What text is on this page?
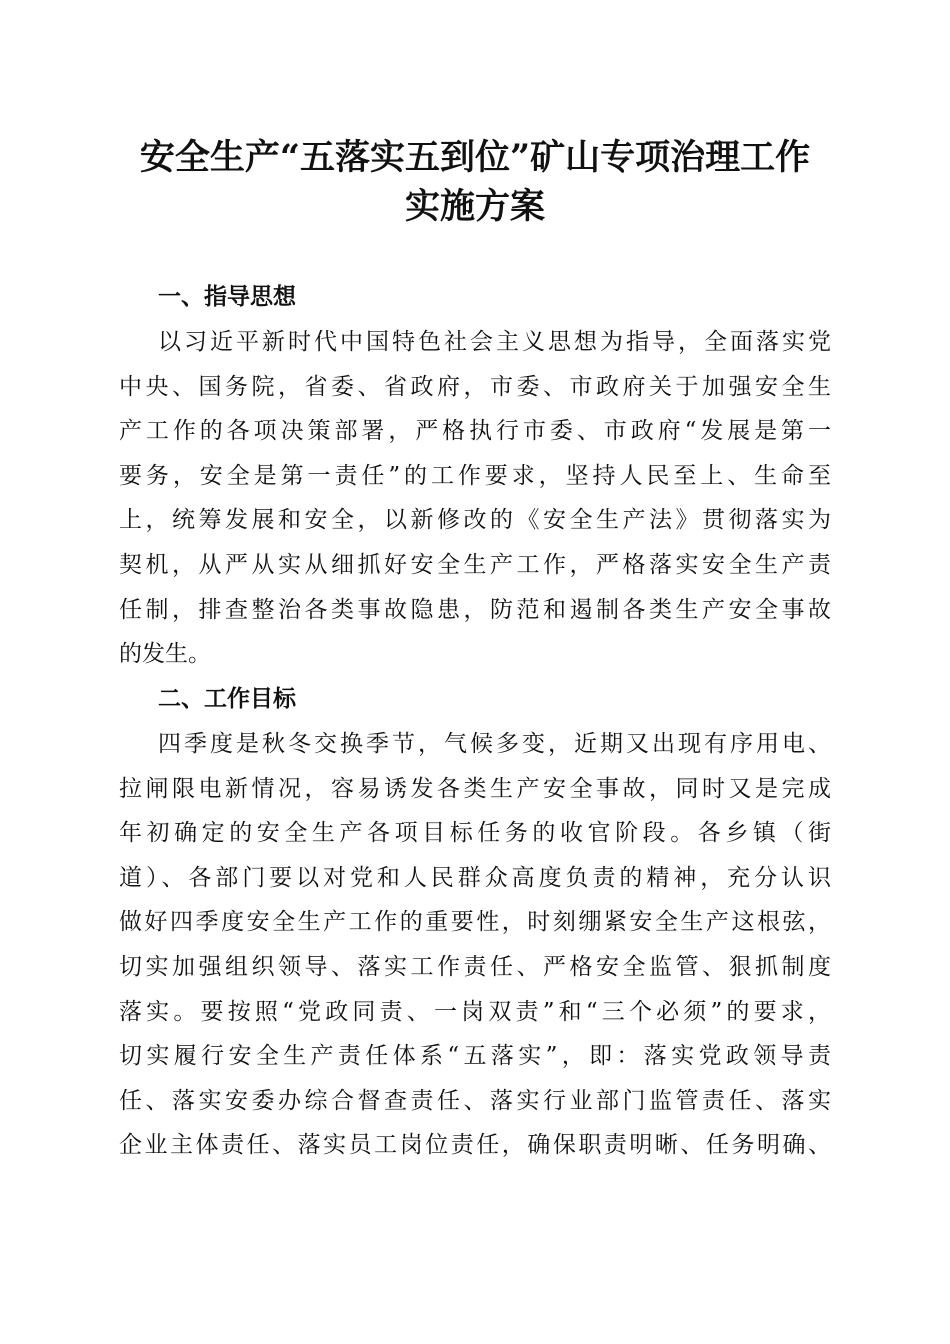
安全生产“五落实五到位”矿山专项治理工作
实施方案
一、指导思想
以习近平新时代中国特色社会主义思想为指导，全面落实党
中央、国务院，省委、省政府，市委、市政府关于加强安全生
产工作的各项决策部署，严格执行市委、市政府“发展是第一
要务，安全是第一责任”的工作要求，坚持人民至上、生命至
上，统筹发展和安全，以新修改的《安全生产法》贯彻落实为
契机，从严从实从细抓好安全生产工作，严格落实安全生产责
任制，排查整治各类事故隐患，防范和遏制各类生产安全事故
的发生。
二、工作目标
四季度是秋冬交换季节，气候多变，近期又出现有序用电、
拉闸限电新情况，容易诱发各类生产安全事故，同时又是完成
年初确定的安全生产各项目标任务的收官阶段。各乡镇（街
道）、各部门要以对党和人民群众高度负责的精神，充分认识
做好四季度安全生产工作的重要性，时刻绷紧安全生产这根弦，
切实加强组织领导、落实工作责任、严格安全监管、狠抓制度
落实。要按照“党政同责、一岗双责”和“三个必须”的要求，
切实履行安全生产责任体系“五落实”，即：落实党政领导责
任、落实安委办综合督查责任、落实行业部门监管责任、落实
企业主体责任、落实员工岗位责任，确保职责明晰、任务明确、
